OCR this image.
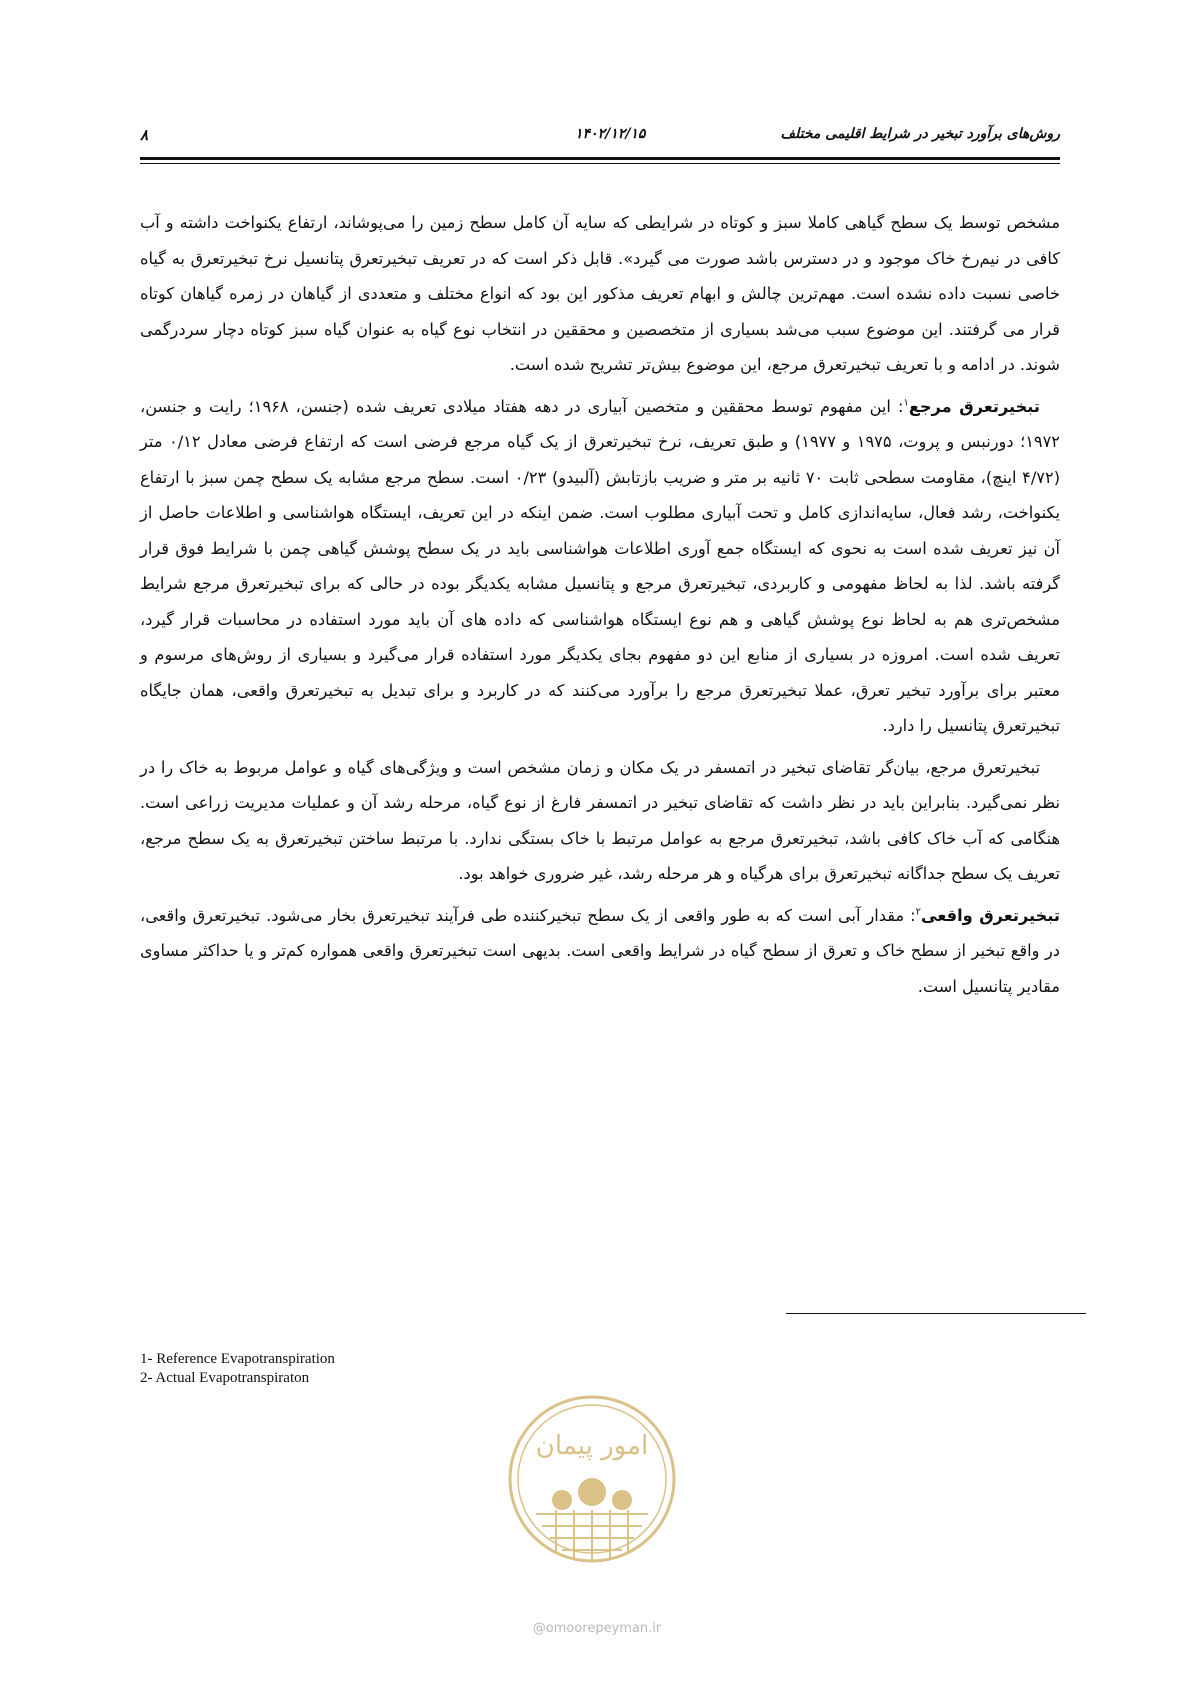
روش‌های برآورد تبخیر در شرایط اقلیمی مختلف
۱۴۰۲/۱۲/۱۵
۸

مشخص توسط یک سطح گیاهی کاملا سبز و کوتاه در شرایطی که سایه آن کامل سطح زمین را می‌پوشاند، ارتفاع یکنواخت داشته و آب کافی در نیم‌رخ خاک موجود و در دسترس باشد صورت می گیرد». قابل ذکر است که در تعریف تبخیرتعرق پتانسیل نرخ تبخیرتعرق به گیاه خاصی نسبت داده نشده است. مهم‌ترین چالش و ابهام تعریف مذکور این بود که انواع مختلف و متعددی از گیاهان در زمره گیاهان کوتاه قرار می گرفتند. این موضوع سبب می‌شد بسیاری از متخصصین و محققین در انتخاب نوع گیاه به عنوان گیاه سبز کوتاه دچار سردرگمی شوند. در ادامه و با تعریف تبخیرتعرق مرجع، این موضوع بیش‌تر تشریح شده است.

تبخیرتعرق مرجع$^۱$: این مفهوم توسط محققین و متخصین آبیاری در دهه هفتاد میلادی تعریف شده (جنسن، ۱۹۶۸؛ رایت و جنسن، ۱۹۷۲؛ دورنبس و پروت، ۱۹۷۵ و ۱۹۷۷) و طبق تعریف، نرخ تبخیرتعرق از یک گیاه مرجع فرضی است که ارتفاع فرضی معادل ۰/۱۲ متر (۴/۷۲ اینچ)، مقاومت سطحی ثابت ۷۰ ثانیه بر متر و ضریب بازتابش (آلبیدو) ۰/۲۳ است. سطح مرجع مشابه یک سطح چمن سبز با ارتفاع یکنواخت، رشد فعال، سایه‌اندازی کامل و تحت آبیاری مطلوب است. ضمن اینکه در این تعریف، ایستگاه هواشناسی و اطلاعات حاصل از آن نیز تعریف شده است به نحوی که ایستگاه جمع آوری اطلاعات هواشناسی باید در یک سطح پوشش گیاهی چمن با شرایط فوق قرار گرفته باشد. لذا به لحاظ مفهومی و کاربردی، تبخیرتعرق مرجع و پتانسیل مشابه یکدیگر بوده در حالی که برای تبخیرتعرق مرجع شرایط مشخص‌تری هم به لحاظ نوع پوشش گیاهی و هم نوع ایستگاه هواشناسی که داده های آن باید مورد استفاده در محاسبات قرار گیرد، تعریف شده است. امروزه در بسیاری از منابع این دو مفهوم بجای یکدیگر مورد استفاده قرار می‌گیرد و بسیاری از روش‌های مرسوم و معتبر برای برآورد تبخیر تعرق، عملا تبخیرتعرق مرجع را برآورد می‌کنند که در کاربرد و برای تبدیل به تبخیرتعرق واقعی، همان جایگاه تبخیرتعرق پتانسیل را دارد.

تبخیرتعرق مرجع، بیان‌گر تقاضای تبخیر در اتمسفر در یک مکان و زمان مشخص است و ویژگی‌های گیاه و عوامل مربوط به خاک را در نظر نمی‌گیرد. بنابراین باید در نظر داشت که تقاضای تبخیر در اتمسفر فارغ از نوع گیاه، مرحله رشد آن و عملیات مدیریت زراعی است. هنگامی که آب خاک کافی باشد، تبخیرتعرق مرجع به عوامل مرتبط با خاک بستگی ندارد. با مرتبط ساختن تبخیرتعرق به یک سطح مرجع، تعریف یک سطح جداگانه تبخیرتعرق برای هرگیاه و هر مرحله رشد، غیر ضروری خواهد بود.

تبخیرتعرق واقعی$^۲$: مقدار آبی است که به طور واقعی از یک سطح تبخیرکننده طی فرآیند تبخیرتعرق بخار می‌شود. تبخیرتعرق واقعی، در واقع تبخیر از سطح خاک و تعرق از سطح گیاه در شرایط واقعی است. بدیهی است تبخیرتعرق واقعی همواره کم‌تر و یا حداکثر مساوی مقادیر پتانسیل است.

1- Reference Evapotranspiration
2- Actual Evapotranspiraton
امور پیمان
@omoorepeyman.ir
